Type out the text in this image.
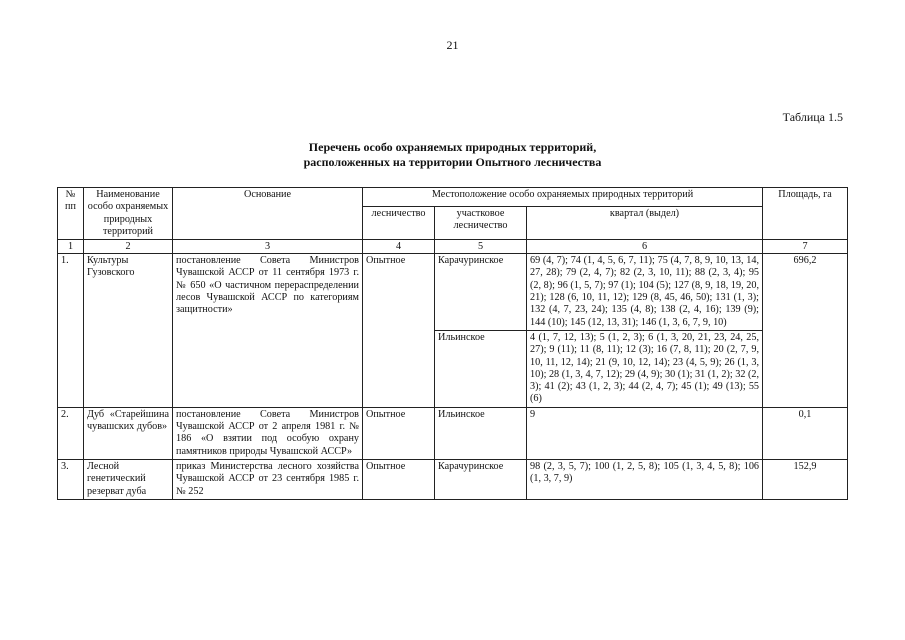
21
Таблица 1.5
Перечень особо охраняемых природных территорий,
расположенных на территории Опытного лесничества
№ пп	Наименование особо охраняемых природных территорий	Основание	Местоположение особо охраняемых природных территорий			Площадь, га
			лесничество	участковое лесничество	квартал (выдел)	
1	2	3	4	5	6	7
1.	Культуры Гузовского	постановление Совета Министров Чувашской АССР от 11 сентября 1973 г. № 650 «О частичном перераспределении лесов Чувашской АССР по категориям защитности»	Опытное	Карачуринское	69 (4, 7); 74 (1, 4, 5, 6, 7, 11); 75 (4, 7, 8, 9, 10, 13, 14, 27, 28); 79 (2, 4, 7); 82 (2, 3, 10, 11); 88 (2, 3, 4); 95 (2, 8); 96 (1, 5, 7); 97 (1); 104 (5); 127 (8, 9, 18, 19, 20, 21); 128 (6, 10, 11, 12); 129 (8, 45, 46, 50); 131 (1, 3); 132 (4, 7, 23, 24); 135 (4, 8); 138 (2, 4, 16); 139 (9); 144 (10); 145 (12, 13, 31); 146 (1, 3, 6, 7, 9, 10)	696,2
				Ильинское	4 (1, 7, 12, 13); 5 (1, 2, 3); 6 (1, 3, 20, 21, 23, 24, 25, 27); 9 (11); 11 (8, 11); 12 (3); 16 (7, 8, 11); 20 (2, 7, 9, 10, 11, 12, 14); 21 (9, 10, 12, 14); 23 (4, 5, 9); 26 (1, 3, 10); 28 (1, 3, 4, 7, 12); 29 (4, 9); 30 (1); 31 (1, 2); 32 (2, 3); 41 (2); 43 (1, 2, 3); 44 (2, 4, 7); 45 (1); 49 (13); 55 (6)	
2.	Дуб «Старейшина чувашских дубов»	постановление Совета Министров Чувашской АССР от 2 апреля 1981 г. № 186 «О взятии под особую охрану памятников природы Чувашской АССР»	Опытное	Ильинское	9	0,1
3.	Лесной генетический резерват дуба	приказ Министерства лесного хозяйства Чувашской АССР от 23 сентября 1985 г. № 252	Опытное	Карачуринское	98 (2, 3, 5, 7); 100 (1, 2, 5, 8); 105 (1, 3, 4, 5, 8); 106 (1, 3, 7, 9)	152,9
